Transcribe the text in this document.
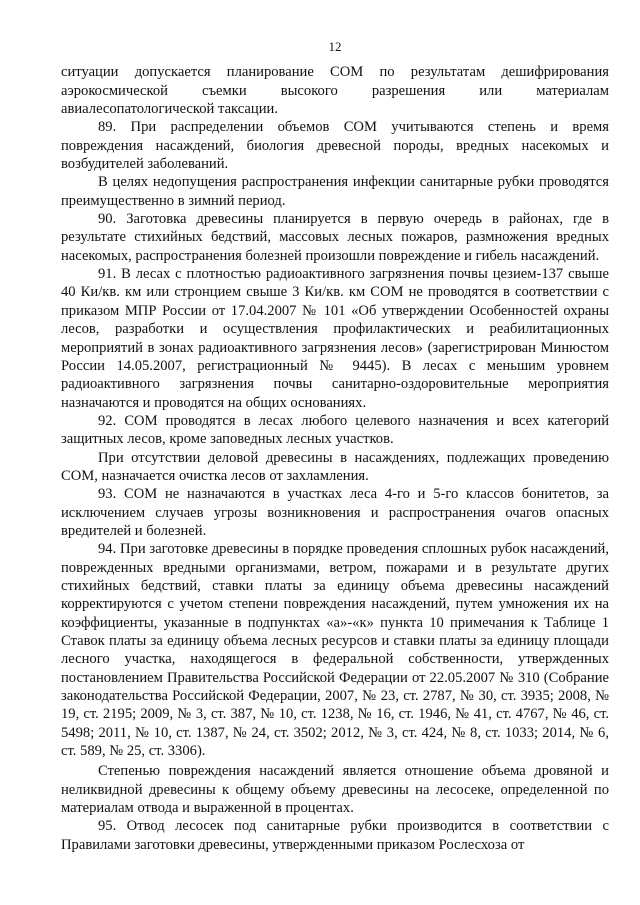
12

ситуации допускается планирование СОМ по результатам дешифрирования аэрокосмической съемки высокого разрешения или материалам авиалесопатологической таксации.

89. При распределении объемов СОМ учитываются степень и время повреждения насаждений, биология древесной породы, вредных насекомых и возбудителей заболеваний.

В целях недопущения распространения инфекции санитарные рубки проводятся преимущественно в зимний период.

90. Заготовка древесины планируется в первую очередь в районах, где в результате стихийных бедствий, массовых лесных пожаров, размножения вредных насекомых, распространения болезней произошли повреждение и гибель насаждений.

91. В лесах с плотностью радиоактивного загрязнения почвы цезием-137 свыше 40 Ки/кв. км или стронцием свыше 3 Ки/кв. км СОМ не проводятся в соответствии с приказом МПР России от 17.04.2007 № 101 «Об утверждении Особенностей охраны лесов, разработки и осуществления профилактических и реабилитационных мероприятий в зонах радиоактивного загрязнения лесов» (зарегистрирован Минюстом России 14.05.2007, регистрационный № 9445). В лесах с меньшим уровнем радиоактивного загрязнения почвы санитарно-оздоровительные мероприятия назначаются и проводятся на общих основаниях.

92. СОМ проводятся в лесах любого целевого назначения и всех категорий защитных лесов, кроме заповедных лесных участков.

При отсутствии деловой древесины в насаждениях, подлежащих проведению СОМ, назначается очистка лесов от захламления.

93. СОМ не назначаются в участках леса 4-го и 5-го классов бонитетов, за исключением случаев угрозы возникновения и распространения очагов опасных вредителей и болезней.

94. При заготовке древесины в порядке проведения сплошных рубок насаждений, поврежденных вредными организмами, ветром, пожарами и в результате других стихийных бедствий, ставки платы за единицу объема древесины насаждений корректируются с учетом степени повреждения насаждений, путем умножения их на коэффициенты, указанные в подпунктах «а»-«к» пункта 10 примечания к Таблице 1 Ставок платы за единицу объема лесных ресурсов и ставки платы за единицу площади лесного участка, находящегося в федеральной собственности, утвержденных постановлением Правительства Российской Федерации от 22.05.2007 № 310 (Собрание законодательства Российской Федерации, 2007, № 23, ст. 2787, № 30, ст. 3935; 2008, № 19, ст. 2195; 2009, № 3, ст. 387, № 10, ст. 1238, № 16, ст. 1946, № 41, ст. 4767, № 46, ст. 5498; 2011, № 10, ст. 1387, № 24, ст. 3502; 2012, № 3, ст. 424, № 8, ст. 1033; 2014, № 6, ст. 589, № 25, ст. 3306).

Степенью повреждения насаждений является отношение объема дровяной и неликвидной древесины к общему объему древесины на лесосеке, определенной по материалам отвода и выраженной в процентах.

95. Отвод лесосек под санитарные рубки производится в соответствии с Правилами заготовки древесины, утвержденными приказом Рослесхоза от
